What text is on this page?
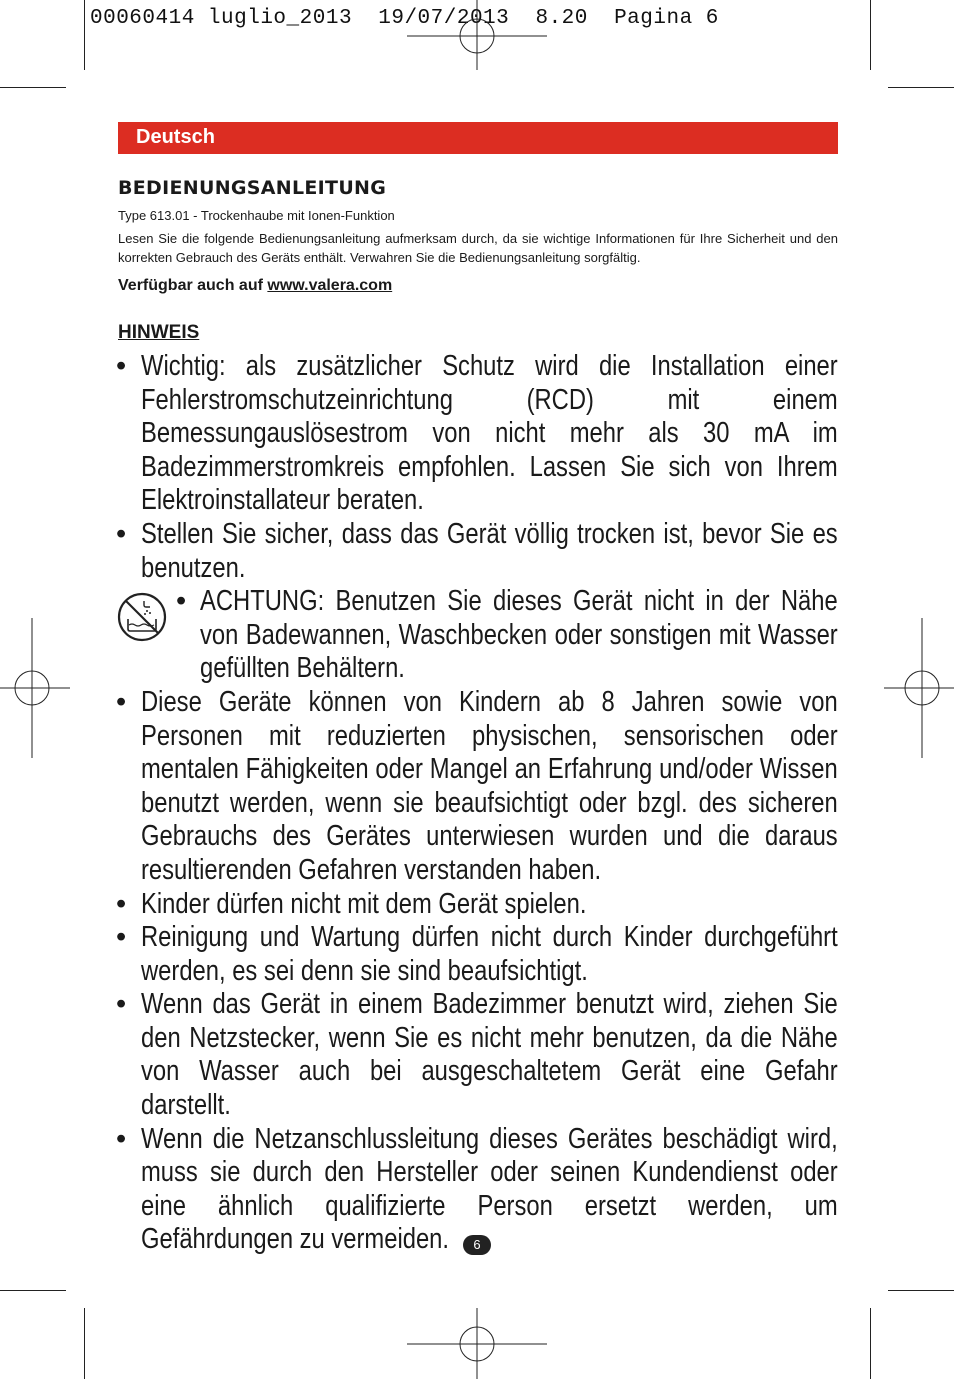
00060414 luglio_2013  19/07/2013  8.20  Pagina 6
Deutsch
BEDIENUNGSANLEITUNG
Type 613.01 - Trockenhaube mit Ionen-Funktion
Lesen Sie die folgende Bedienungsanleitung aufmerksam durch, da sie wichtige Informationen für Ihre Sicherheit und den korrekten Gebrauch des Geräts enthält. Verwahren Sie die Bedienungsanleitung sorgfältig.
Verfügbar auch auf www.valera.com
HINWEIS
• Wichtig: als zusätzlicher Schutz wird die Installation einer Fehlerstromschutzeinrichtung (RCD) mit einem Bemessungauslösestrom von nicht mehr als 30 mA im Badezimmerstromkreis empfohlen. Lassen Sie sich von Ihrem Elektroinstallateur beraten.
• Stellen Sie sicher, dass das Gerät völlig trocken ist, bevor Sie es benutzen.
• ACHTUNG: Benutzen Sie dieses Gerät nicht in der Nähe von Badewannen, Waschbecken oder sonstigen mit Wasser gefüllten Behältern.
• Diese Geräte können von Kindern ab 8 Jahren sowie von Personen mit reduzierten physischen, sensorischen oder mentalen Fähigkeiten oder Mangel an Erfahrung und/oder Wissen benutzt werden, wenn sie beaufsichtigt oder bzgl. des sicheren Gebrauchs des Gerätes unterwiesen wurden und die daraus resultierenden Gefahren verstanden haben.
• Kinder dürfen nicht mit dem Gerät spielen.
• Reinigung und Wartung dürfen nicht durch Kinder durchgeführt werden, es sei denn sie sind beaufsichtigt.
• Wenn das Gerät in einem Badezimmer benutzt wird, ziehen Sie den Netzstecker, wenn Sie es nicht mehr benutzen, da die Nähe von Wasser auch bei ausgeschaltetem Gerät eine Gefahr darstellt.
• Wenn die Netzanschlussleitung dieses Gerätes beschädigt wird, muss sie durch den Hersteller oder seinen Kundendienst oder eine ähnlich qualifizierte Person ersetzt werden, um Gefährdungen zu vermeiden.	6
